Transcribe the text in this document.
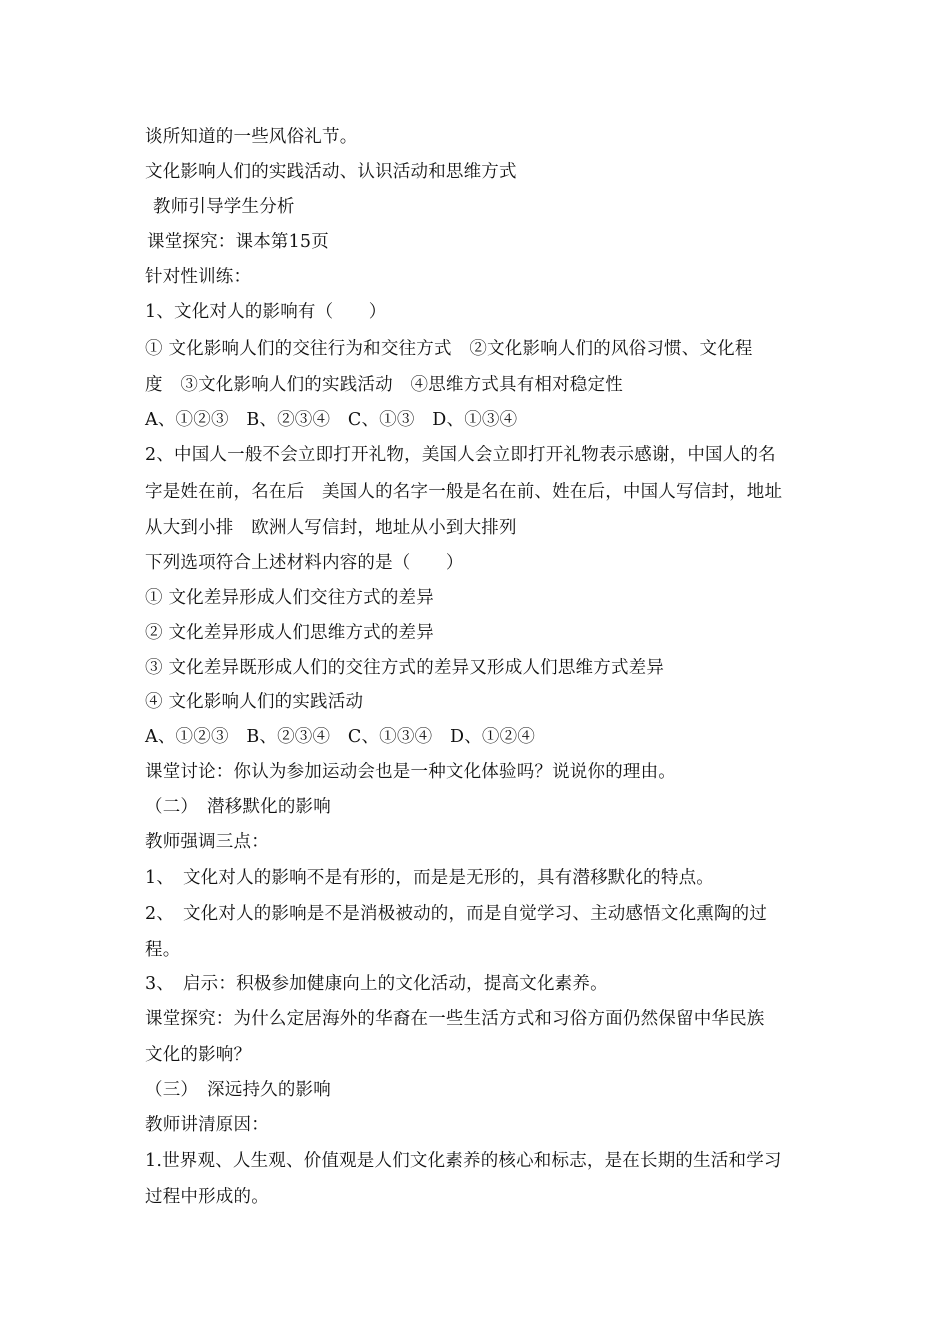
谈所知道的一些风俗礼节。
文化影响人们的实践活动、认识活动和思维方式
教师引导学生分析
课堂探究：课本第15页
针对性训练：
1、文化对人的影响有（　　）
① 文化影响人们的交往行为和交往方式　②文化影响人们的风俗习惯、文化程
度　③文化影响人们的实践活动　④思维方式具有相对稳定性
A、①②③　B、②③④　C、①③　D、①③④
2、中国人一般不会立即打开礼物，美国人会立即打开礼物表示感谢，中国人的名
字是姓在前，名在后　美国人的名字一般是名在前、姓在后，中国人写信封，地址
从大到小排　欧洲人写信封，地址从小到大排列
下列选项符合上述材料内容的是（　　）
① 文化差异形成人们交往方式的差异
② 文化差异形成人们思维方式的差异
③ 文化差异既形成人们的交往方式的差异又形成人们思维方式差异
④ 文化影响人们的实践活动
A、①②③　B、②③④　C、①③④　D、①②④
课堂讨论：你认为参加运动会也是一种文化体验吗？说说你的理由。
（二）　潜移默化的影响
教师强调三点：
1、　文化对人的影响不是有形的，而是是无形的，具有潜移默化的特点。
2、　文化对人的影响是不是消极被动的，而是自觉学习、主动感悟文化熏陶的过
程。
3、　启示：积极参加健康向上的文化活动，提高文化素养。
课堂探究：为什么定居海外的华裔在一些生活方式和习俗方面仍然保留中华民族
文化的影响？
（三）　深远持久的影响
教师讲清原因：
1.世界观、人生观、价值观是人们文化素养的核心和标志，是在长期的生活和学习
过程中形成的。
